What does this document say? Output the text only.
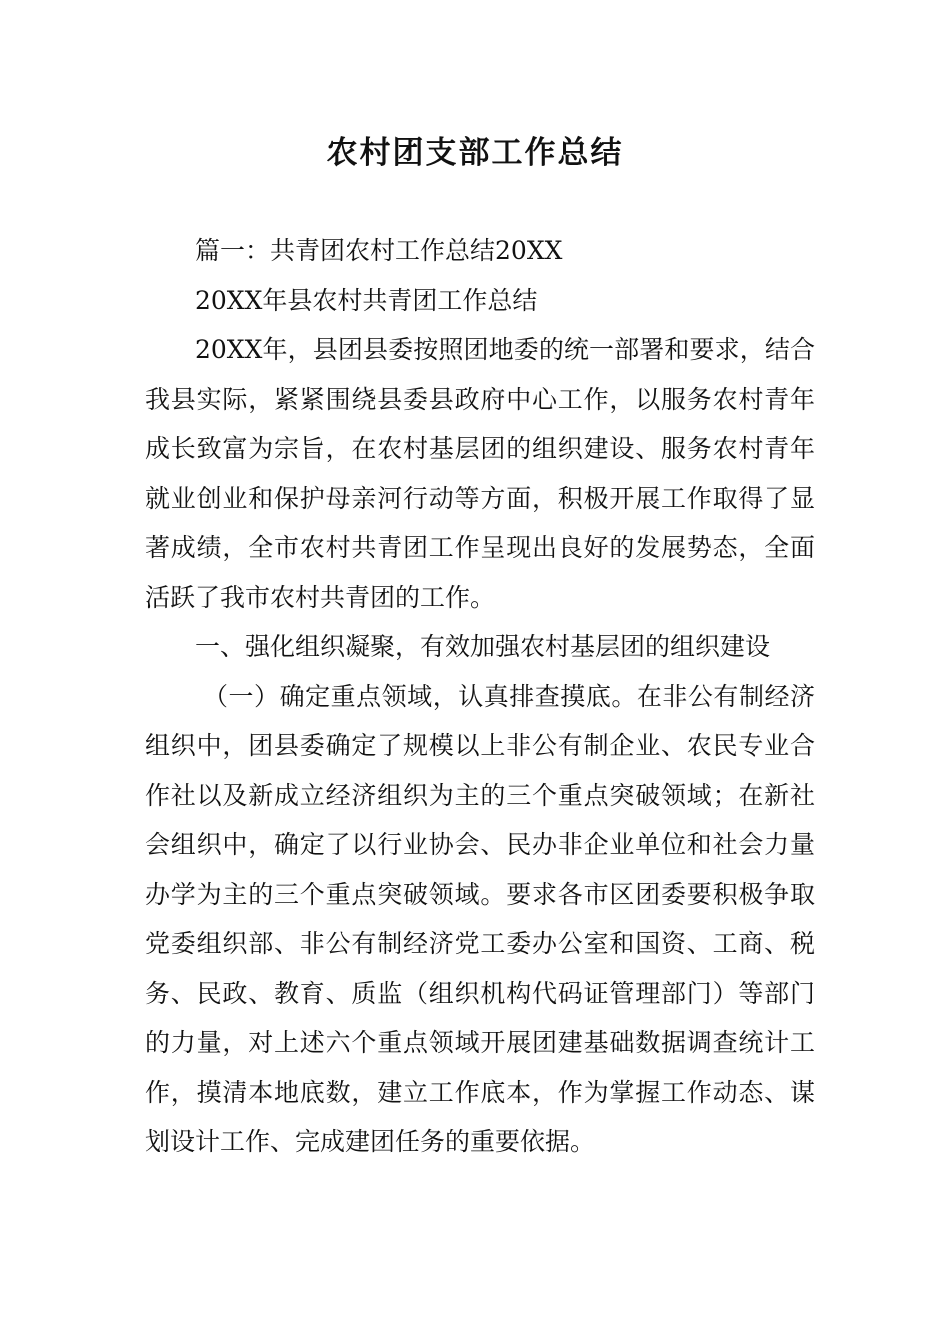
农村团支部工作总结

篇一：共青团农村工作总结20XX

20XX年县农村共青团工作总结

20XX年，县团县委按照团地委的统一部署和要求，结合我县实际，紧紧围绕县委县政府中心工作，以服务农村青年成长致富为宗旨，在农村基层团的组织建设、服务农村青年就业创业和保护母亲河行动等方面，积极开展工作取得了显著成绩，全市农村共青团工作呈现出良好的发展势态，全面活跃了我市农村共青团的工作。

一、强化组织凝聚，有效加强农村基层团的组织建设

（一）确定重点领域，认真排查摸底。在非公有制经济组织中，团县委确定了规模以上非公有制企业、农民专业合作社以及新成立经济组织为主的三个重点突破领域；在新社会组织中，确定了以行业协会、民办非企业单位和社会力量办学为主的三个重点突破领域。要求各市区团委要积极争取党委组织部、非公有制经济党工委办公室和国资、工商、税务、民政、教育、质监（组织机构代码证管理部门）等部门的力量，对上述六个重点领域开展团建基础数据调查统计工作，摸清本地底数，建立工作底本，作为掌握工作动态、谋划设计工作、完成建团任务的重要依据。
